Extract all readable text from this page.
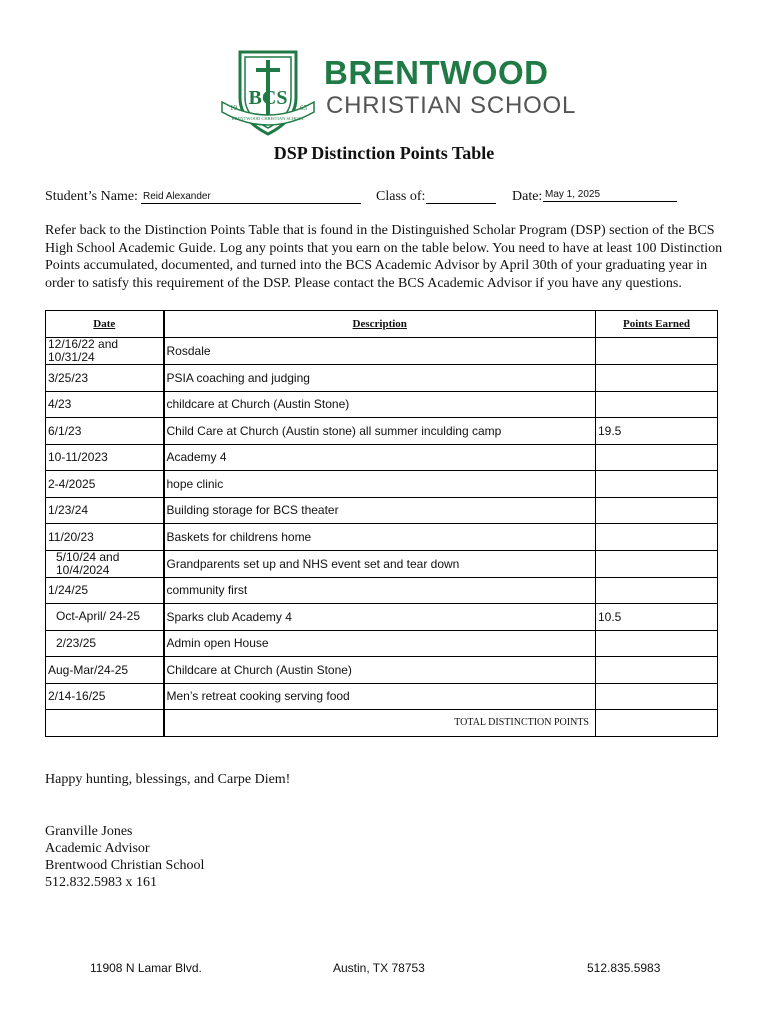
BCS
19	63
BRENTWOOD CHRISTIAN SCHOOL
BRENTWOOD
CHRISTIAN SCHOOL
DSP Distinction Points Table
Student’s Name: Reid Alexander	Class of:	Date: May 1, 2025
Refer back to the Distinction Points Table that is found in the Distinguished Scholar Program (DSP) section of the BCS High School Academic Guide. Log any points that you earn on the table below. You need to have at least 100 Distinction Points accumulated, documented, and turned into the BCS Academic Advisor by April 30th of your graduating year in order to satisfy this requirement of the DSP. Please contact the BCS Academic Advisor if you have any questions.
Date	Description	Points Earned
12/16/22 and 10/31/24	Rosdale	
3/25/23	PSIA coaching and judging	
4/23	childcare at Church (Austin Stone)	
6/1/23	Child Care at Church (Austin stone) all summer inculding camp	19.5
10-11/2023	Academy 4	
2-4/2025	hope clinic	
1/23/24	Building storage for BCS theater	
11/20/23	Baskets for childrens home	
5/10/24 and 10/4/2024	Grandparents set up and NHS event set and tear down	
1/24/25	community first	
Oct-April/ 24-25	Sparks club Academy 4	10.5
2/23/25	Admin open House	
Aug-Mar/24-25	Childcare at Church (Austin Stone)	
2/14-16/25	Men’s retreat cooking serving food	
	TOTAL DISTINCTION POINTS	
Happy hunting, blessings, and Carpe Diem!
Granville Jones
Academic Advisor
Brentwood Christian School
512.832.5983 x 161
11908 N Lamar Blvd.	Austin, TX 78753	512.835.5983
